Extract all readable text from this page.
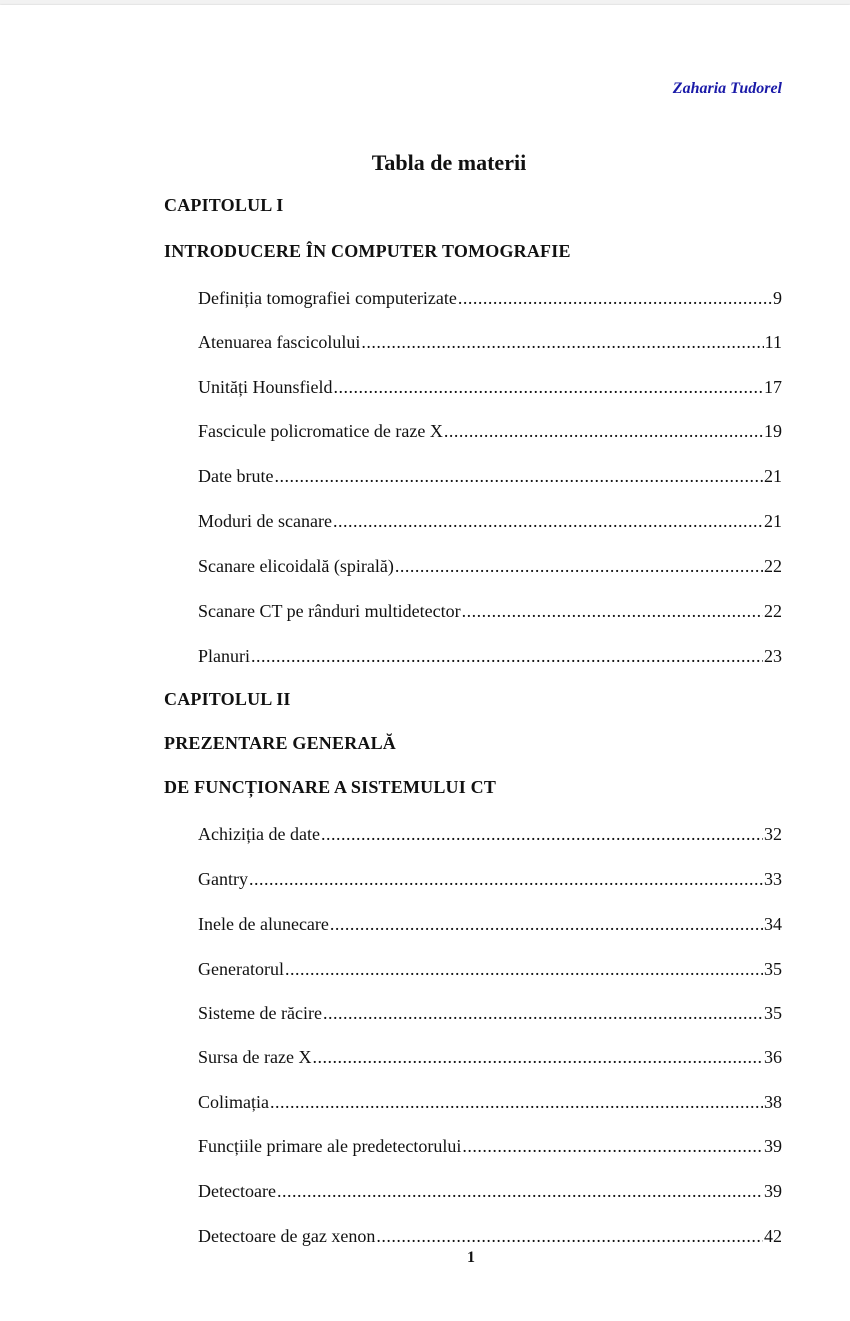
Zaharia Tudorel
Tabla de materii
CAPITOLUL I
INTRODUCERE ÎN COMPUTER TOMOGRAFIE
Definiția tomografiei computerizate .....	9
Atenuarea fascicolului .....	11
Unități Hounsfield .....	17
Fascicule policromatice de raze X .....	19
Date brute .....	21
Moduri de scanare .....	21
Scanare elicoidală (spirală) .....	22
Scanare CT pe rânduri multidetector .....	22
Planuri .....	23
CAPITOLUL II
PREZENTARE GENERALĂ
DE FUNCȚIONARE A SISTEMULUI CT
Achiziția de date .....	32
Gantry .....	33
Inele de alunecare .....	34
Generatorul .....	35
Sisteme de răcire .....	35
Sursa de raze X .....	36
Colimația .....	38
Funcțiile primare ale predetectorului .....	39
Detectoare .....	39
Detectoare de gaz xenon .....	42
1
